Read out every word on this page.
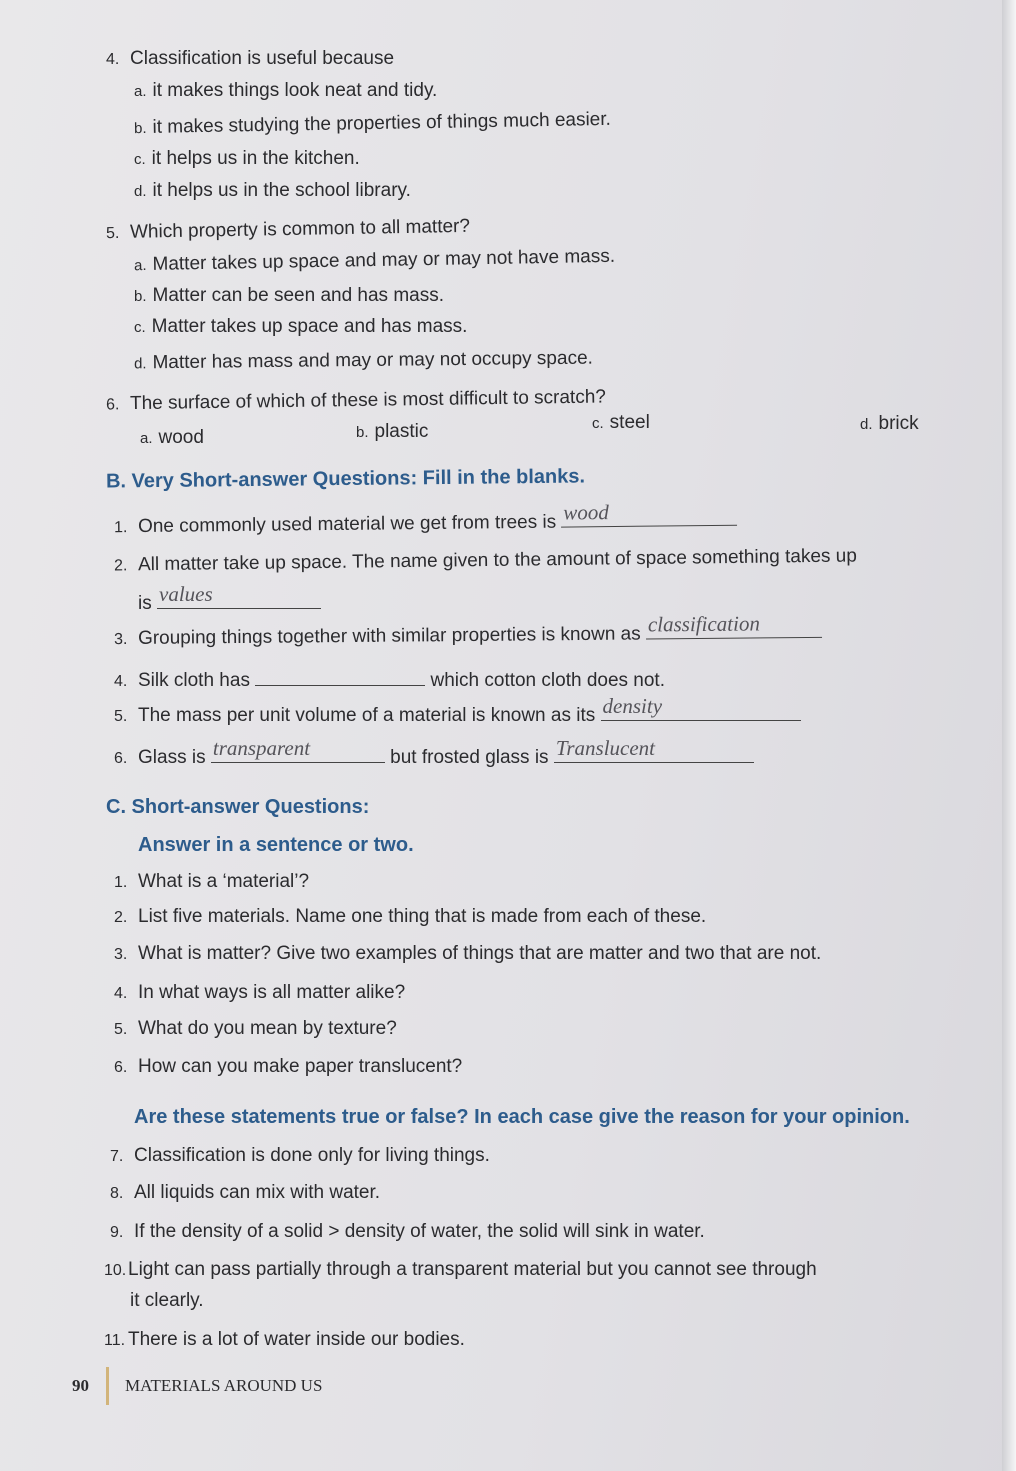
4. Classification is useful because
a. it makes things look neat and tidy.
b. it makes studying the properties of things much easier.
c. it helps us in the kitchen.
d. it helps us in the school library.
5. Which property is common to all matter?
a. Matter takes up space and may or may not have mass.
b. Matter can be seen and has mass.
c. Matter takes up space and has mass.
d. Matter has mass and may or may not occupy space.
6. The surface of which of these is most difficult to scratch?
a. wood	b. plastic	c. steel	d. brick
B. Very Short-answer Questions: Fill in the blanks.
1. One commonly used material we get from trees is wood
2. All matter take up space. The name given to the amount of space something takes up
is values
3. Grouping things together with similar properties is known as classification
4. Silk cloth has	which cotton cloth does not.
5. The mass per unit volume of a material is known as its density
6. Glass is transparent	but frosted glass is Translucent
C. Short-answer Questions:
Answer in a sentence or two.
1. What is a ‘material’?
2. List five materials. Name one thing that is made from each of these.
3. What is matter? Give two examples of things that are matter and two that are not.
4. In what ways is all matter alike?
5. What do you mean by texture?
6. How can you make paper translucent?
Are these statements true or false? In each case give the reason for your opinion.
7. Classification is done only for living things.
8. All liquids can mix with water.
9. If the density of a solid > density of water, the solid will sink in water.
10.Light can pass partially through a transparent material but you cannot see through
it clearly.
11. There is a lot of water inside our bodies.
90 MATERIALS AROUND US
